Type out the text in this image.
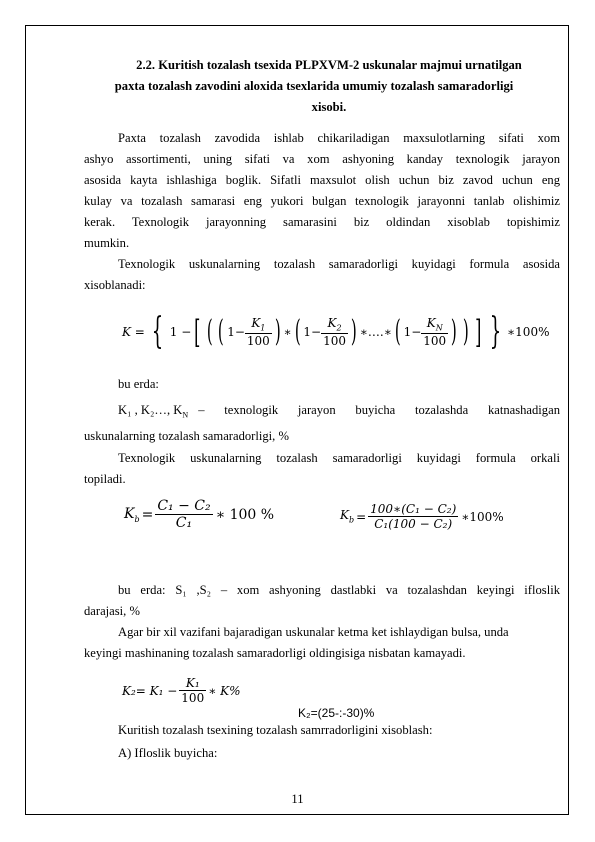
2.2. Kuritish tozalash tsexida PLPXVM-2 uskunalar majmui urnatilgan
paxta tozalash zavodini aloxida tsexlarida umumiy tozalash samaradorligi
xisobi.
Paxta tozalash zavodida ishlab chikariladigan maxsulotlarning sifati xom
ashyo assortimenti, uning sifati va xom ashyoning kanday texnologik jarayon
asosida kayta ishlashiga boglik. Sifatli maxsulot olish uchun biz zavod uchun eng
kulay va tozalash samarasi eng yukori bulgan texnologik jarayonni tanlab olishimiz
kerak. Texnologik jarayonning samarasini biz oldindan xisoblab topishimiz
mumkin.
Texnologik uskunalarning tozalash samaradorligi kuyidagi formula asosida
xisoblanadi:
K = { 1 − [ ( ( $1- \frac{K_1}{100}$ ) ∗ ( $1- \frac{K_2}{100}$ ) ∗….∗ ( $1- \frac{K_N}{100}$ ) ) ] } ∗100%
bu erda:
K₁ , K₂…, $K_N$ – texnologik jarayon buyicha tozalashda katnashadigan
uskunalarning tozalash samaradorligi, %
Texnologik uskunalarning tozalash samaradorligi kuyidagi formula orkali
topiladi.
$K_b = \frac{\text{C₁ − C₂}}{\text{C₁}}$ ∗ 100 %	$K_b = \frac{\text{100∗(C₁ − C₂)}}{\text{C₁(100 − C₂)}}$ ∗100%
bu erda: S₁ ,S₂ – xom ashyoning dastlabki va tozalashdan keyingi ifloslik
darajasi, %
Agar bir xil vazifani bajaradigan uskunalar ketma ket ishlaydigan bulsa, unda
keyingi mashinaning tozalash samaradorligi oldingisiga nisbatan kamayadi.
$K_2= K_1 - \frac{\text{K₁}}{100}$ ∗ K%
K₂=(25-:-30)%
Kuritish tozalash tsexining tozalash samrradorligini xisoblash:
A) Ifloslik buyicha:
11
